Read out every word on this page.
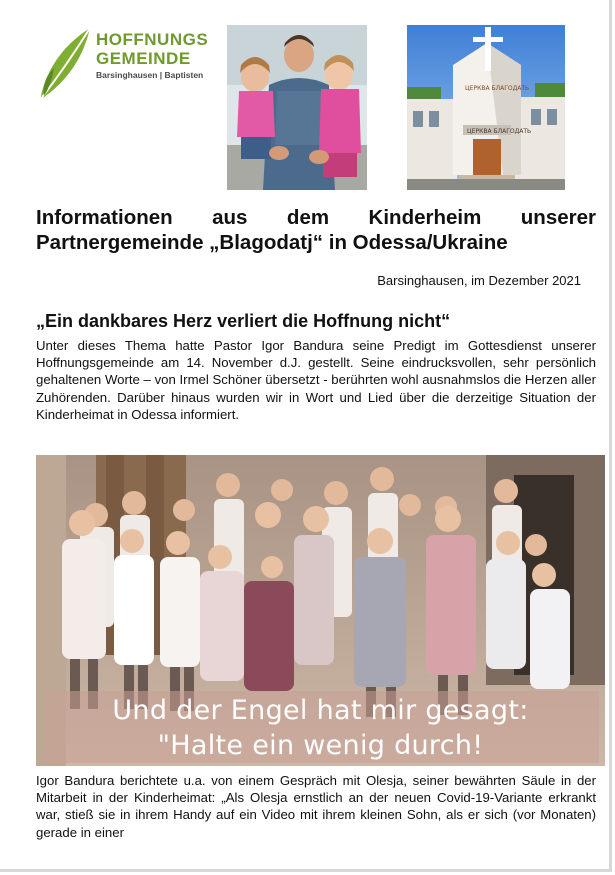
HOFFNUNGS
GEMEINDE
Barsinghausen | Baptisten
ЦЕРКВА БЛАГОДАТЬ
ЦЕРКВА БЛАГОДАТЬ
Informationen aus dem Kinderheim unserer Partnergemeinde „Blagodatj“ in Odessa/Ukraine
Barsinghausen, im Dezember 2021
„Ein dankbares Herz verliert die Hoffnung nicht“
Unter dieses Thema hatte Pastor Igor Bandura seine Predigt im Gottesdienst unserer Hoffnungsgemeinde am 14. November d.J. gestellt. Seine eindrucksvollen, sehr persönlich gehaltenen Worte – von Irmel Schöner übersetzt - berührten wohl ausnahmslos die Herzen aller Zuhörenden. Darüber hinaus wurden wir in Wort und Lied über die derzeitige Situation der Kinderheimat in Odessa informiert.
Und der Engel hat mir gesagt:
"Halte ein wenig durch!
Igor Bandura berichtete u.a. von einem Gespräch mit Olesja, seiner bewährten Säule in der Mitarbeit in der Kinderheimat: „Als Olesja ernstlich an der neuen Covid-19-Variante erkrankt war, stieß sie in ihrem Handy auf ein Video mit ihrem kleinen Sohn, als er sich (vor Monaten) gerade in einer
